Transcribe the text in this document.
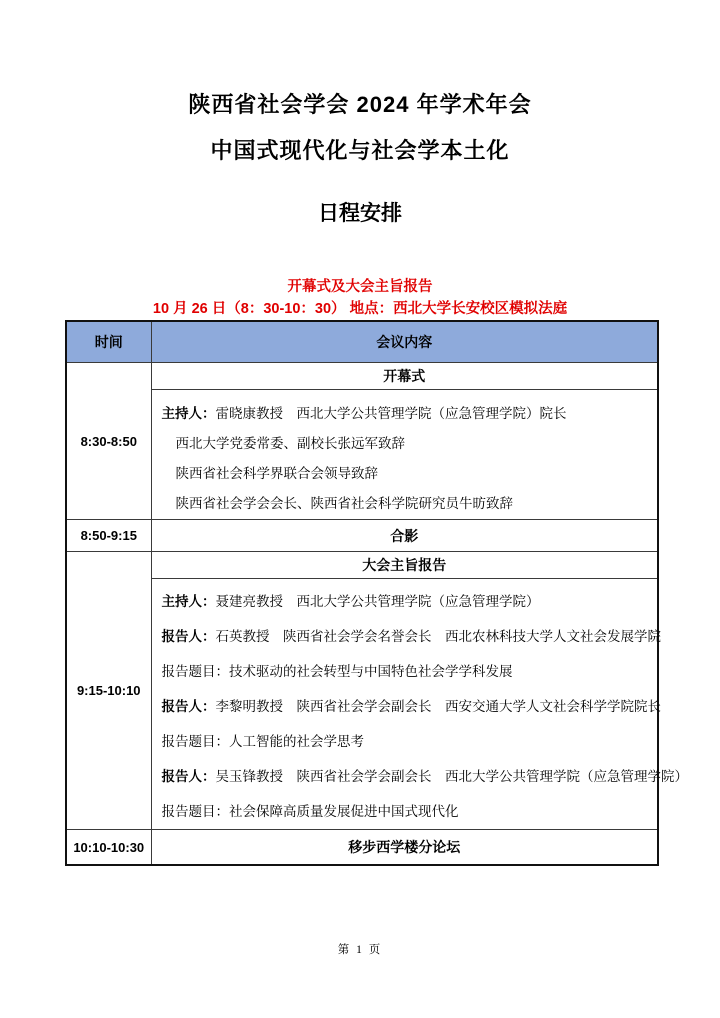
陕西省社会学会 2024 年学术年会
中国式现代化与社会学本土化
日程安排
开幕式及大会主旨报告
10 月 26 日（8：30-10：30） 地点：西北大学长安校区模拟法庭
时间	会议内容
8:30-8:50	开幕式

	主持人：雷晓康教授　西北大学公共管理学院（应急管理学院）院长
西北大学党委常委、副校长张远军致辞
陕西省社会科学界联合会领导致辞
陕西省社会学会会长、陕西省社会科学院研究员牛昉致辞

8:50-9:15	合影
9:15-10:10	大会主旨报告

主持人：聂建亮教授　西北大学公共管理学院（应急管理学院）
报告人：石英教授　陕西省社会学会名誉会长　西北农林科技大学人文社会发展学院
报告题目：技术驱动的社会转型与中国特色社会学学科发展
报告人：李黎明教授　陕西省社会学会副会长　西安交通大学人文社会科学学院院长
报告题目：人工智能的社会学思考
报告人：吴玉锋教授　陕西省社会学会副会长　西北大学公共管理学院（应急管理学院）
报告题目：社会保障高质量发展促进中国式现代化

10:10-10:30	移步西学楼分论坛
第 1 页
